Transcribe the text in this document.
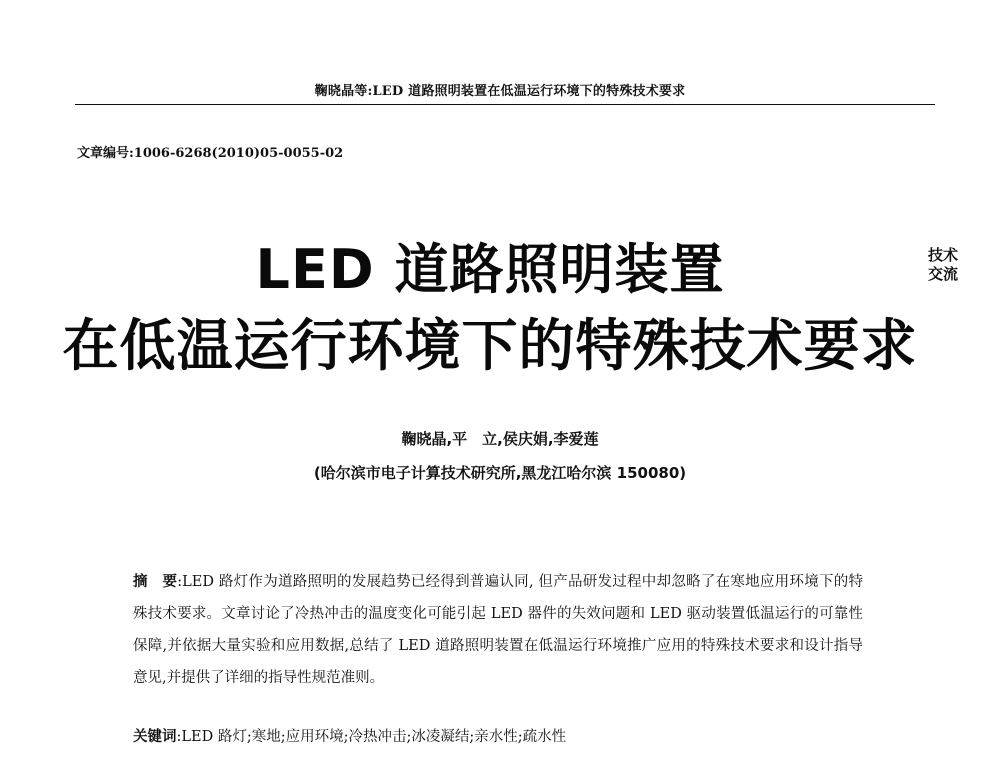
鞠晓晶等:LED 道路照明装置在低温运行环境下的特殊技术要求
文章编号:1006-6268(2010)05-0055-02
LED 道路照明装置
在低温运行环境下的特殊技术要求
技术交流
鞠晓晶,平　立,侯庆娟,李爱莲
(哈尔滨市电子计算技术研究所,黑龙江哈尔滨 150080)
摘　要:LED 路灯作为道路照明的发展趋势已经得到普遍认同, 但产品研发过程中却忽略了在寒地应用环境下的特殊技术要求。文章讨论了冷热冲击的温度变化可能引起 LED 器件的失效问题和 LED 驱动装置低温运行的可靠性保障,并依据大量实验和应用数据,总结了 LED 道路照明装置在低温运行环境推广应用的特殊技术要求和设计指导意见,并提供了详细的指导性规范准则。
关键词:LED 路灯;寒地;应用环境;冷热冲击;冰凌凝结;亲水性;疏水性
